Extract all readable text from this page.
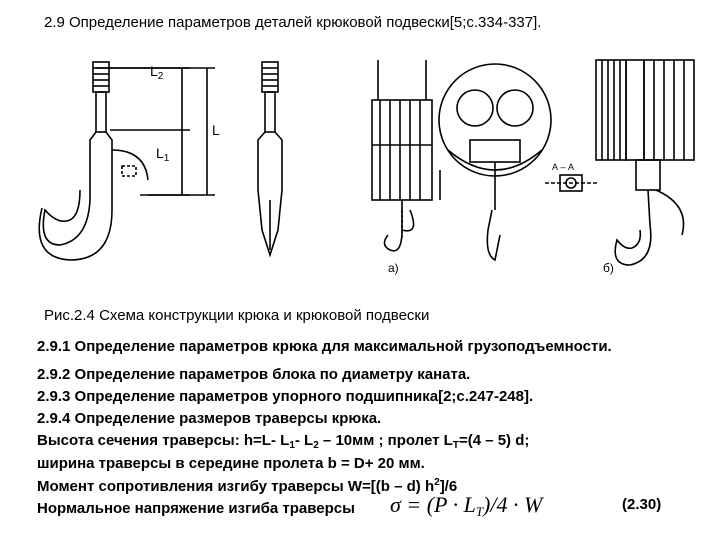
2.9 Определение параметров деталей крюковой подвески[5;с.334-337].
$L_2$
L
$L_1$
А – А
а)	б)
Рис.2.4 Схема конструкции крюка и крюковой подвески
2.9.1 Определение параметров крюка для максимальной грузоподъемности.
2.9.2 Определение параметров блока по диаметру каната.
2.9.3 Определение параметров упорного подшипника[2;с.247-248].
2.9.4 Определение размеров траверсы крюка.
Высота сечения траверсы: h=L- $L_1-$ $L_2 - 10мм$ ; пролет $L_T=(4 - 5)$ d;
ширина траверсы в середине пролета b = D+ 20 мм.
Момент сопротивления изгибу траверсы W=[(b – d) $h^2]/6$
Нормальное напряжение изгиба траверсы σ = (P · LT)/4 · W	(2.30)
